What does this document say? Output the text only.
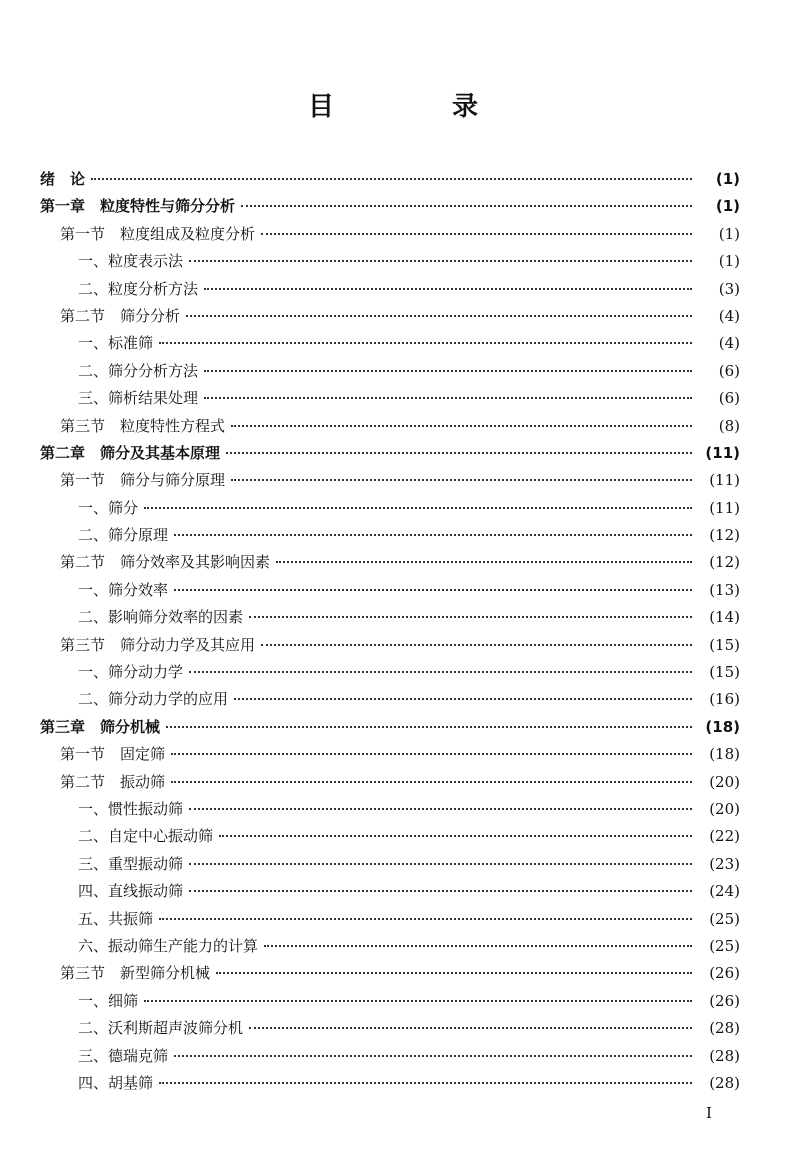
目　录
绪　论	(1)
第一章　粒度特性与筛分分析	(1)
第一节　粒度组成及粒度分析	(1)
一、粒度表示法	(1)
二、粒度分析方法	(3)
第二节　筛分分析	(4)
一、标准筛	(4)
二、筛分分析方法	(6)
三、筛析结果处理	(6)
第三节　粒度特性方程式	(8)
第二章　筛分及其基本原理	(11)
第一节　筛分与筛分原理	(11)
一、筛分	(11)
二、筛分原理	(12)
第二节　筛分效率及其影响因素	(12)
一、筛分效率	(13)
二、影响筛分效率的因素	(14)
第三节　筛分动力学及其应用	(15)
一、筛分动力学	(15)
二、筛分动力学的应用	(16)
第三章　筛分机械	(18)
第一节　固定筛	(18)
第二节　振动筛	(20)
一、惯性振动筛	(20)
二、自定中心振动筛	(22)
三、重型振动筛	(23)
四、直线振动筛	(24)
五、共振筛	(25)
六、振动筛生产能力的计算	(25)
第三节　新型筛分机械	(26)
一、细筛	(26)
二、沃利斯超声波筛分机	(28)
三、德瑞克筛	(28)
四、胡基筛	(28)
I
